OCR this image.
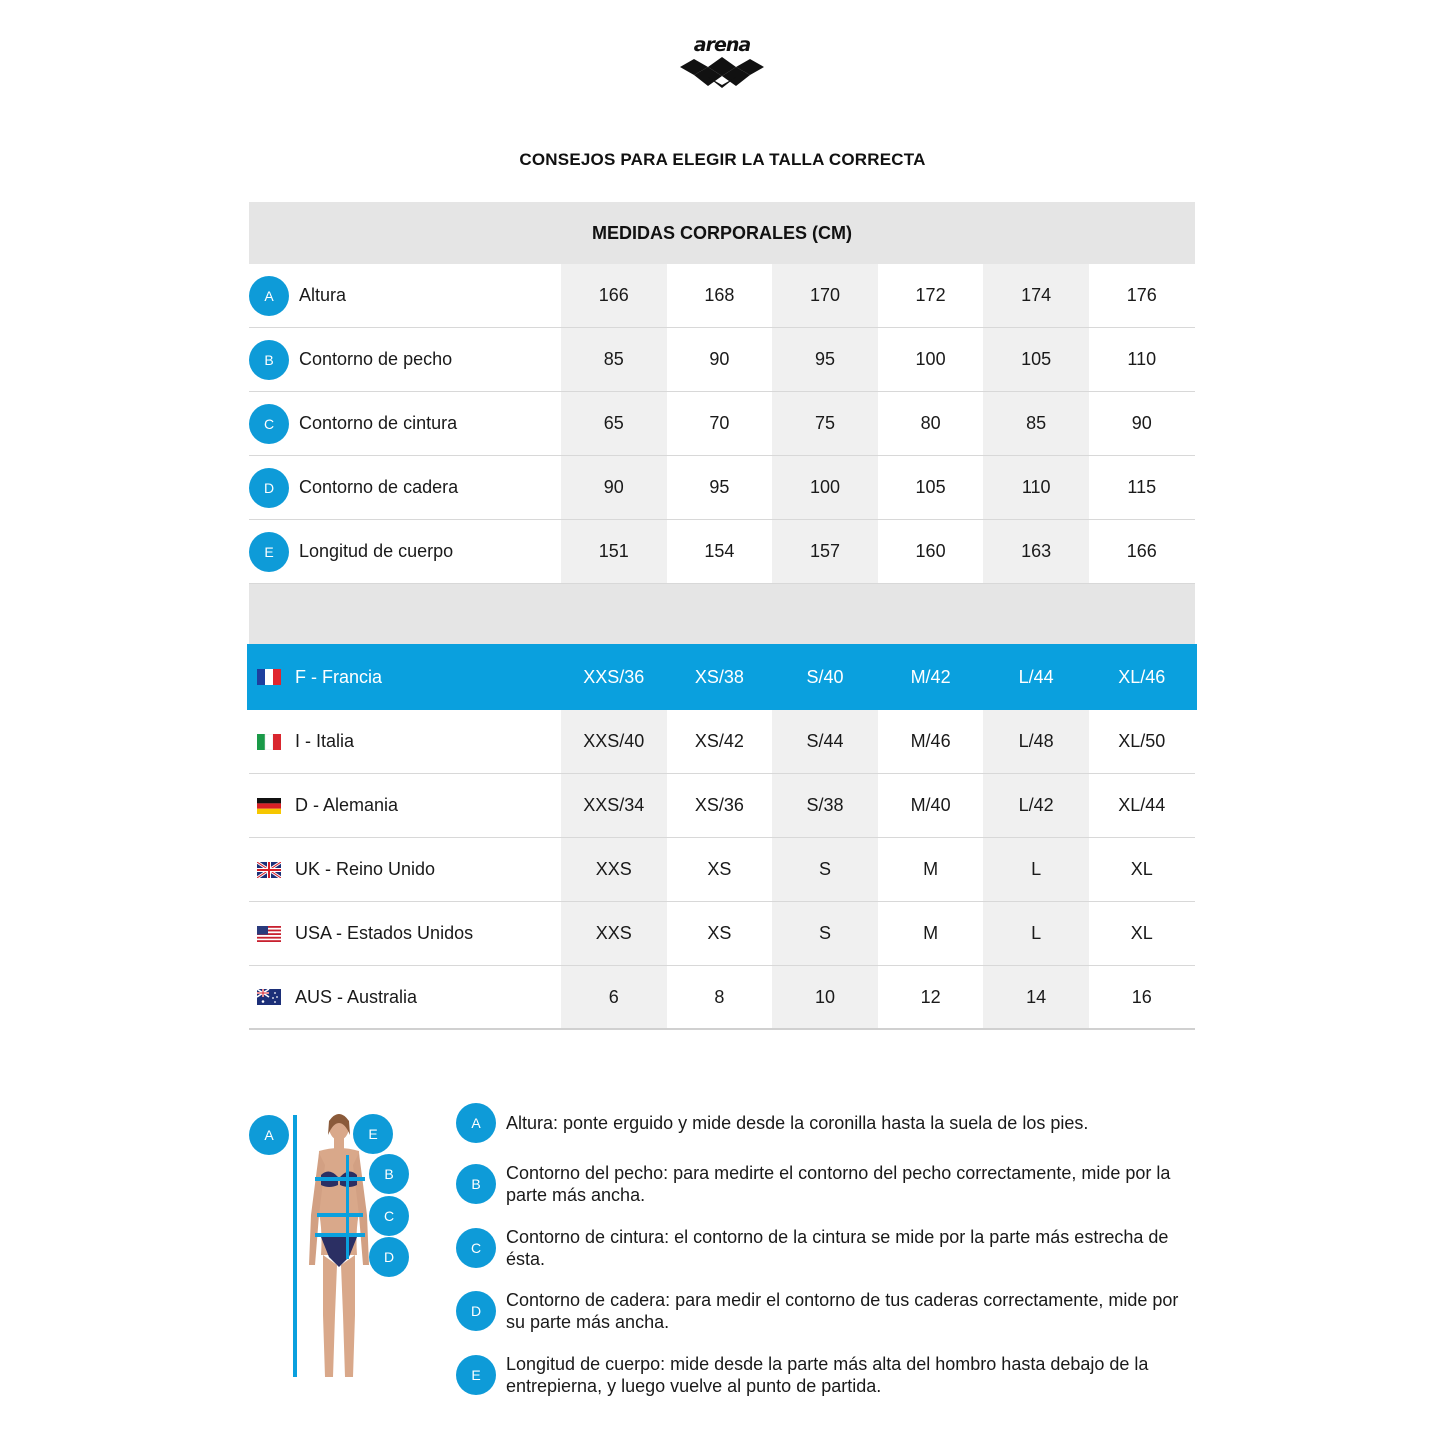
arena
CONSEJOS PARA ELEGIR LA TALLA CORRECTA
MEDIDAS CORPORALES (CM)
A	Altura	166	168	170	172	174	176
B	Contorno de pecho	85	90	95	100	105	110
C	Contorno de cintura	65	70	75	80	85	90
D	Contorno de cadera	90	95	100	105	110	115
E	Longitud de cuerpo	151	154	157	160	163	166
F - Francia	XXS/36	XS/38	S/40	M/42	L/44	XL/46
I - Italia	XXS/40	XS/42	S/44	M/46	L/48	XL/50
D - Alemania	XXS/34	XS/36	S/38	M/40	L/42	XL/44
UK - Reino Unido	XXS	XS	S	M	L	XL
USA - Estados Unidos	XXS	XS	S	M	L	XL
AUS - Australia	6	8	10	12	14	16
A	E
B
C
D
A	Altura: ponte erguido y mide desde la coronilla hasta la suela de los pies.
B
Contorno del pecho: para medirte el contorno del pecho correctamente, mide por la parte más ancha.
C
Contorno de cintura: el contorno de la cintura se mide por la parte más estrecha de ésta.
D
Contorno de cadera: para medir el contorno de tus caderas correctamente, mide por su parte más ancha.
E
Longitud de cuerpo: mide desde la parte más alta del hombro hasta debajo de la entrepierna, y luego vuelve al punto de partida.
